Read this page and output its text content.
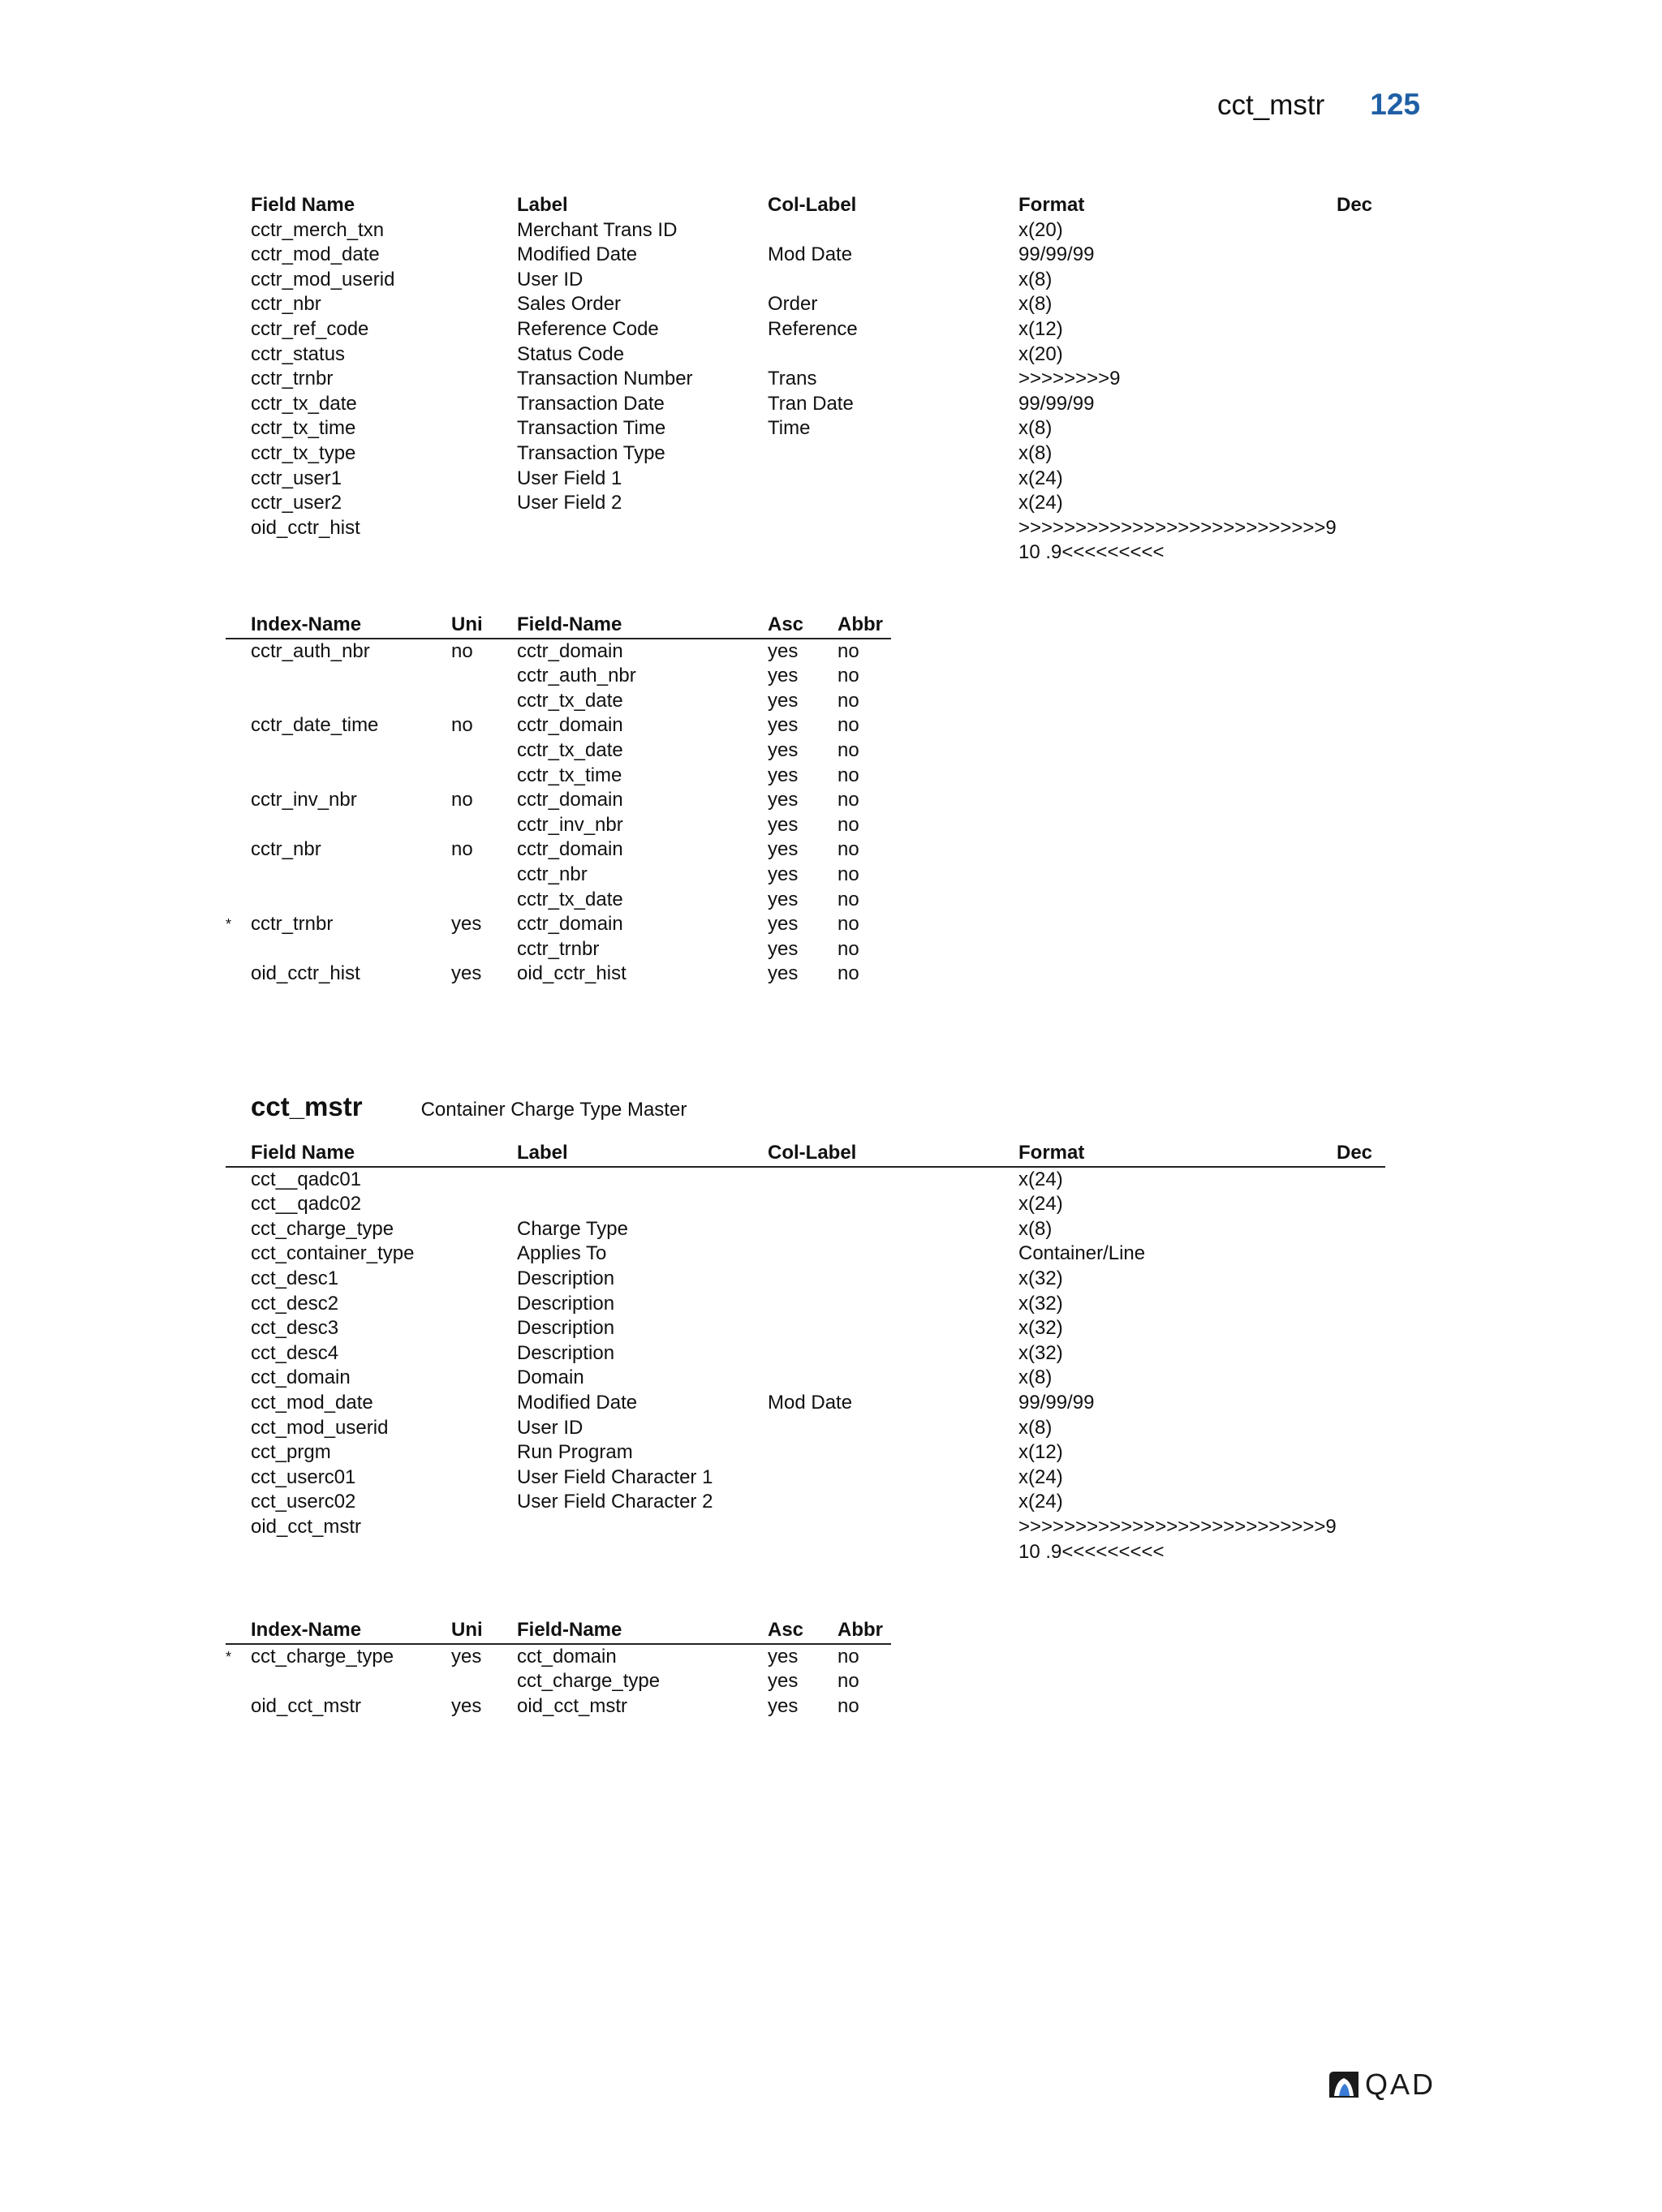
cct_mstr 125
	Field Name	Label	Col-Label	Format	Dec
	cctr_merch_txn	Merchant Trans ID		x(20)	
	cctr_mod_date	Modified Date	Mod Date	99/99/99	
	cctr_mod_userid	User ID		x(8)	
	cctr_nbr	Sales Order	Order	x(8)	
	cctr_ref_code	Reference Code	Reference	x(12)	
	cctr_status	Status Code		x(20)	
	cctr_trnbr	Transaction Number	Trans	>>>>>>>>9	
	cctr_tx_date	Transaction Date	Tran Date	99/99/99	
	cctr_tx_time	Transaction Time	Time	x(8)	
	cctr_tx_type	Transaction Type		x(8)	
	cctr_user1	User Field 1		x(24)	
	cctr_user2	User Field 2		x(24)	
	oid_cctr_hist			>>>>>>>>>>>>>>>>>>>>>>>>>>>9 10 .9<<<<<<<<<	
	Index-Name	Uni	Field-Name	Asc	Abbr
	cctr_auth_nbr	no	cctr_domain	yes	no
			cctr_auth_nbr	yes	no
			cctr_tx_date	yes	no
	cctr_date_time	no	cctr_domain	yes	no
			cctr_tx_date	yes	no
			cctr_tx_time	yes	no
	cctr_inv_nbr	no	cctr_domain	yes	no
			cctr_inv_nbr	yes	no
	cctr_nbr	no	cctr_domain	yes	no
			cctr_nbr	yes	no
			cctr_tx_date	yes	no
*	cctr_trnbr	yes	cctr_domain	yes	no
			cctr_trnbr	yes	no
	oid_cctr_hist	yes	oid_cctr_hist	yes	no
cct_mstr	Container Charge Type Master
	Field Name	Label	Col-Label	Format	Dec
	cct__qadc01			x(24)	
	cct__qadc02			x(24)	
	cct_charge_type	Charge Type		x(8)	
	cct_container_type	Applies To		Container/Line	
	cct_desc1	Description		x(32)	
	cct_desc2	Description		x(32)	
	cct_desc3	Description		x(32)	
	cct_desc4	Description		x(32)	
	cct_domain	Domain		x(8)	
	cct_mod_date	Modified Date	Mod Date	99/99/99	
	cct_mod_userid	User ID		x(8)	
	cct_prgm	Run Program		x(12)	
	cct_userc01	User Field Character 1		x(24)	
	cct_userc02	User Field Character 2		x(24)	
	oid_cct_mstr			>>>>>>>>>>>>>>>>>>>>>>>>>>>9 10 .9<<<<<<<<<	
	Index-Name	Uni	Field-Name	Asc	Abbr
*	cct_charge_type	yes	cct_domain	yes	no
			cct_charge_type	yes	no
	oid_cct_mstr	yes	oid_cct_mstr	yes	no
QAD
